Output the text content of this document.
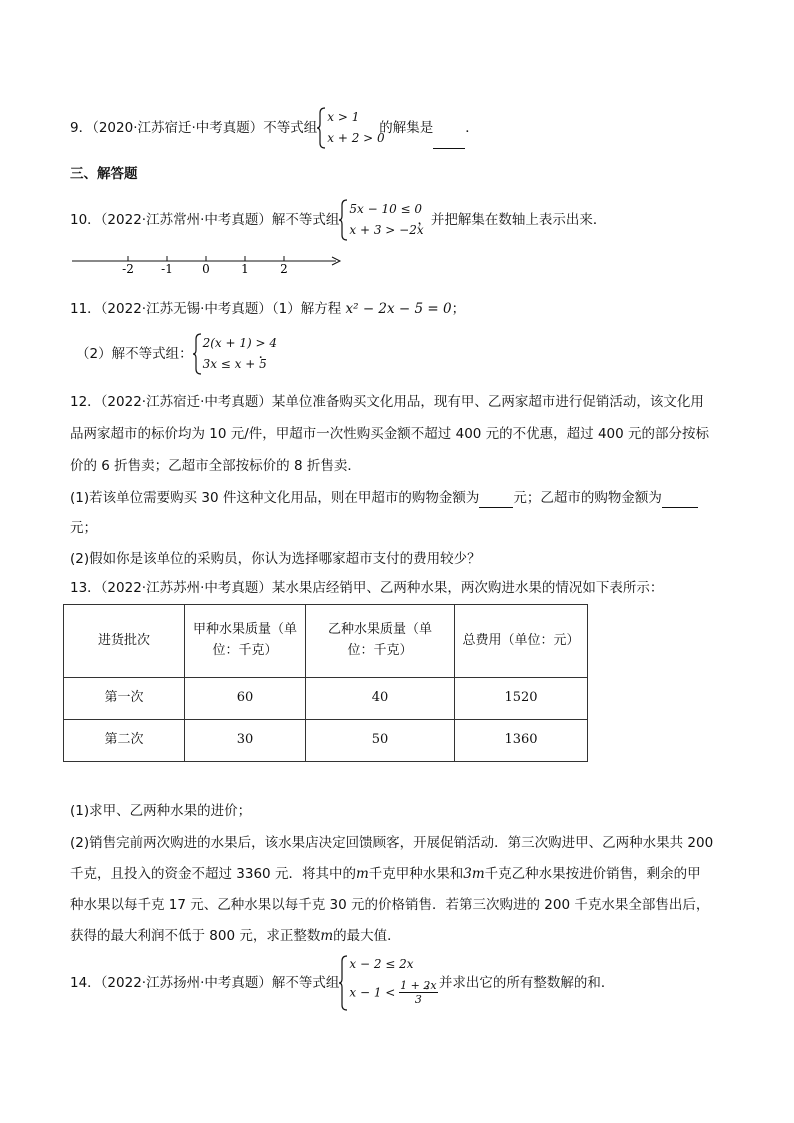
9．（2020·江苏宿迁·中考真题）不等式组
x > 1
x + 2 > 0的解集是 ．
三、解答题
10．（2022·江苏常州·中考真题）解不等式组
5x − 10 ≤ 0
x + 3 > −2x，并把解集在数轴上表示出来．
-2 -1 0	1	2
11．（2022·江苏无锡·中考真题）（1）解方程 x² − 2x − 5 = 0；
（2）解不等式组：
2(x + 1) > 4
3x ≤ x + 5．
12．（2022·江苏宿迁·中考真题）某单位准备购买文化用品，现有甲、乙两家超市进行促销活动，该文化用
品两家超市的标价均为 10 元/件，甲超市一次性购买金额不超过 400 元的不优惠，超过 400 元的部分按标
价的 6 折售卖；乙超市全部按标价的 8 折售卖．
(1)若该单位需要购买 30 件这种文化用品，则在甲超市的购物金额为	元；乙超市的购物金额为
元；
(2)假如你是该单位的采购员，你认为选择哪家超市支付的费用较少？
13．（2022·江苏苏州·中考真题）某水果店经销甲、乙两种水果，两次购进水果的情况如下表所示：
进货批次	甲种水果质量（单位：千克）	乙种水果质量（单位：千克）	总费用（单位：元）
第一次	60	40	1520
第二次	30	50	1360
(1)求甲、乙两种水果的进价；
(2)销售完前两次购进的水果后，该水果店决定回馈顾客，开展促销活动．第三次购进甲、乙两种水果共 200
千克，且投入的资金不超过 3360 元．将其中的m千克甲种水果和3m千克乙种水果按进价销售，剩余的甲
种水果以每千克 17 元、乙种水果以每千克 30 元的价格销售．若第三次购进的 200 千克水果全部售出后，
获得的最大利润不低于 800 元，求正整数m的最大值．
14．（2022·江苏扬州·中考真题）解不等式组
x − 2 ≤ 2x
$x - 1 < \frac{1 + 2x}{3}$
，并求出它的所有整数解的和．
